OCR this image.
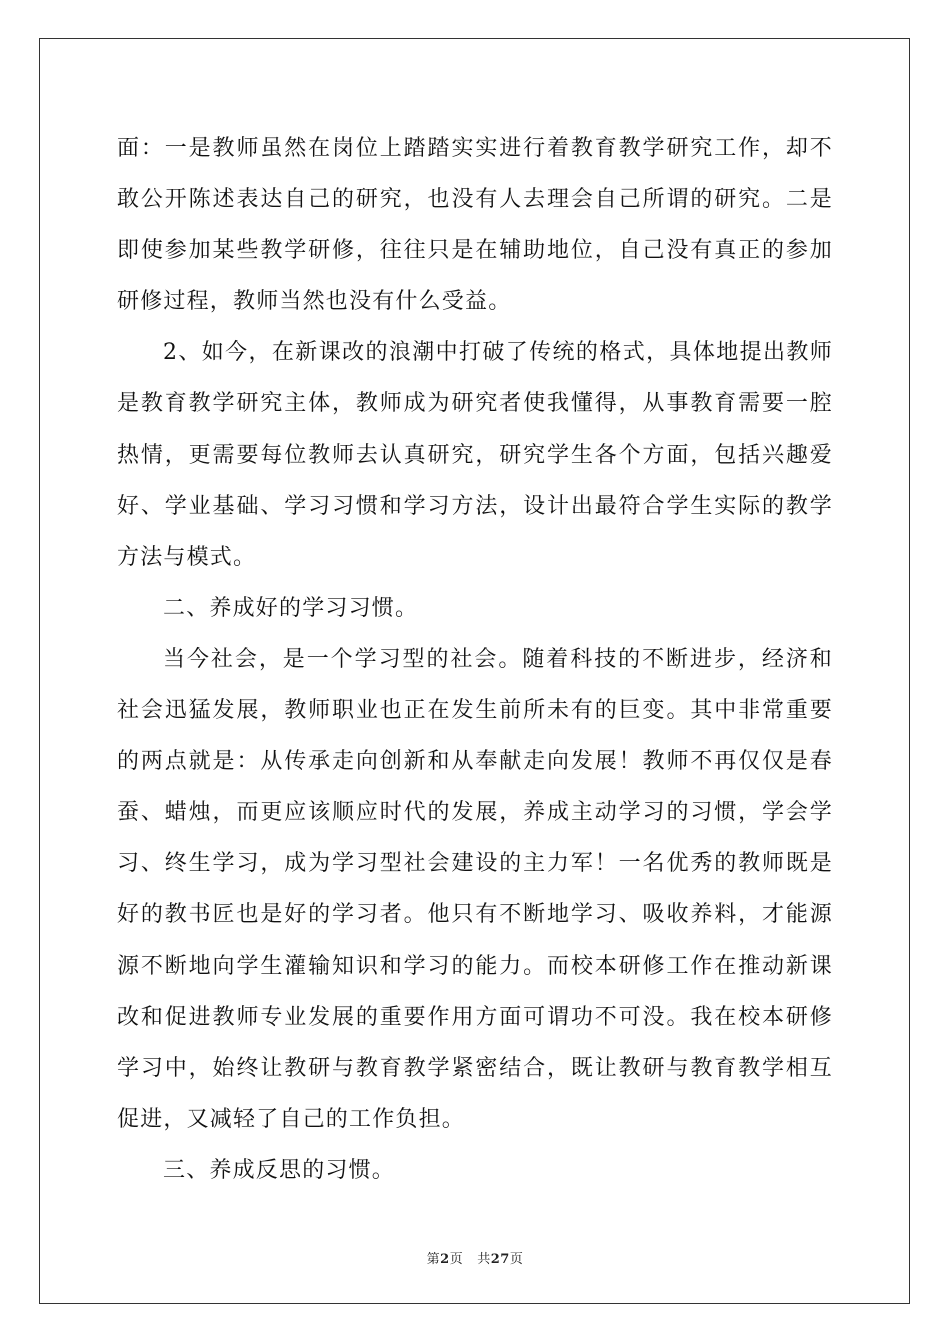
面：一是教师虽然在岗位上踏踏实实进行着教育教学研究工作，却不敢公开陈述表达自己的研究，也没有人去理会自己所谓的研究。二是即使参加某些教学研修，往往只是在辅助地位，自己没有真正的参加研修过程，教师当然也没有什么受益。

2、如今，在新课改的浪潮中打破了传统的格式，具体地提出教师是教育教学研究主体，教师成为研究者使我懂得，从事教育需要一腔热情，更需要每位教师去认真研究，研究学生各个方面，包括兴趣爱好、学业基础、学习习惯和学习方法，设计出最符合学生实际的教学方法与模式。

二、养成好的学习习惯。

当今社会，是一个学习型的社会。随着科技的不断进步，经济和社会迅猛发展，教师职业也正在发生前所未有的巨变。其中非常重要的两点就是：从传承走向创新和从奉献走向发展！教师不再仅仅是春蚕、蜡烛，而更应该顺应时代的发展，养成主动学习的习惯，学会学习、终生学习，成为学习型社会建设的主力军！一名优秀的教师既是好的教书匠也是好的学习者。他只有不断地学习、吸收养料，才能源源不断地向学生灌输知识和学习的能力。而校本研修工作在推动新课改和促进教师专业发展的重要作用方面可谓功不可没。我在校本研修学习中，始终让教研与教育教学紧密结合，既让教研与教育教学相互促进，又减轻了自己的工作负担。

三、养成反思的习惯。

第2页 共27页
